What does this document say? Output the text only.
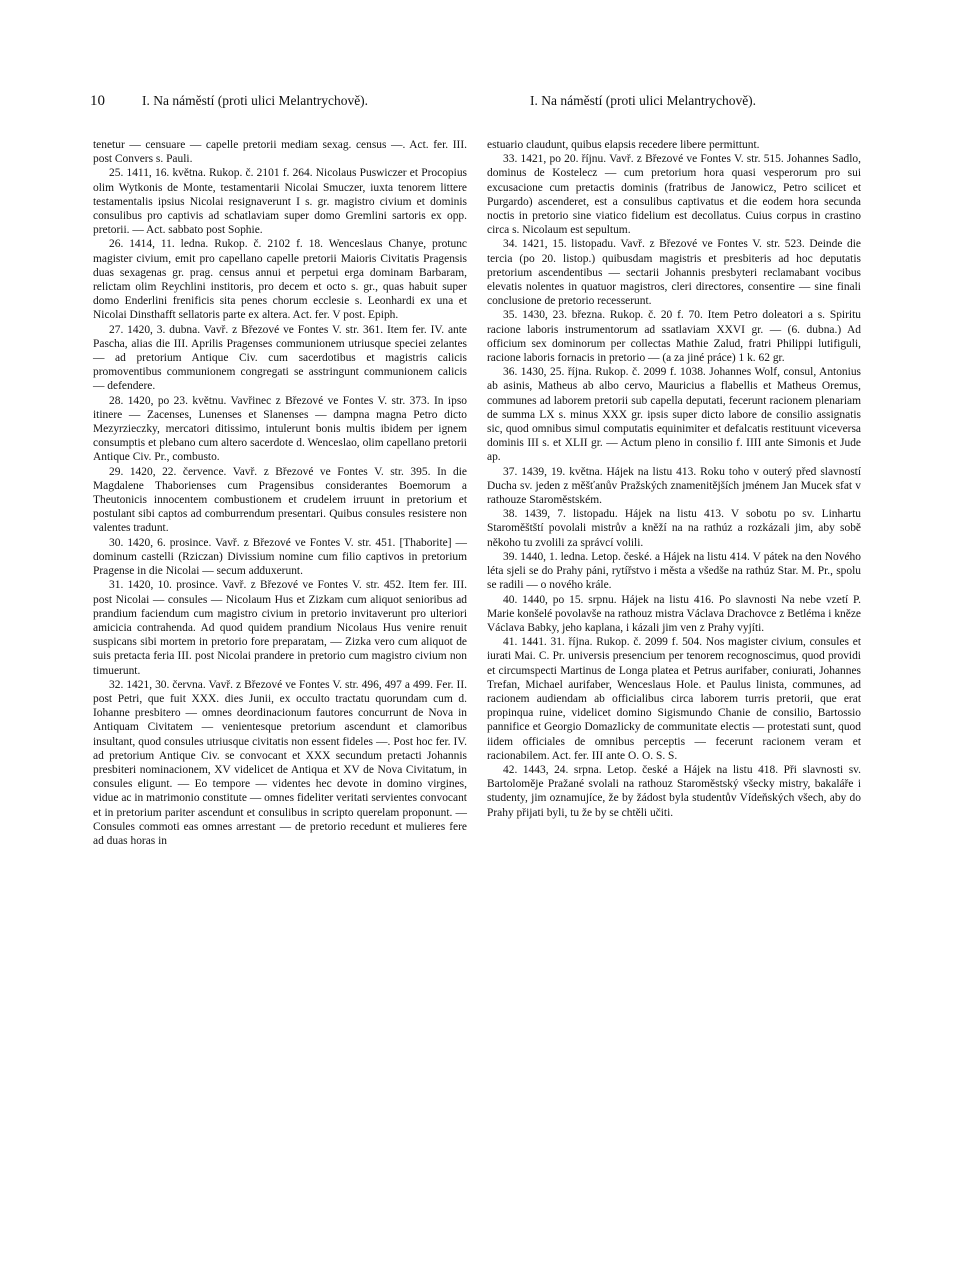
10	I. Na náměstí (proti ulici Melantrychově).	I. Na náměstí (proti ulici Melantrychově).

tenetur — censuare — capelle pretorii mediam sexag. census —. Act. fer. III. post Convers s. Pauli.

25. 1411, 16. května. Rukop. č. 2101 f. 264. Nicolaus Puswiczer et Procopius olim Wytkonis de Monte, testamentarii Nicolai Smuczer, iuxta tenorem littere testamentalis ipsius Nicolai resignaverunt I s. gr. magistro civium et dominis consulibus pro captivis ad schatlaviam super domo Gremlini sartoris ex opp. pretorii. — Act. sabbato post Sophie.

26. 1414, 11. ledna. Rukop. č. 2102 f. 18. Wenceslaus Chanye, protunc magister civium, emit pro capellano capelle pretorii Maioris Civitatis Pragensis duas sexagenas gr. prag. census annui et perpetui erga dominam Barbaram, relictam olim Reychlini institoris, pro decem et octo s. gr., quas habuit super domo Enderlini frenificis sita penes chorum ecclesie s. Leonhardi ex una et Nicolai Dinsthafft sellatoris parte ex altera. Act. fer. V post. Epiph.

27. 1420, 3. dubna. Vavř. z Březové ve Fontes V. str. 361. Item fer. IV. ante Pascha, alias die III. Aprilis Pragenses communionem utriusque speciei zelantes — ad pretorium Antique Civ. cum sacerdotibus et magistris calicis promoventibus communionem congregati se asstringunt communionem calicis — defendere.

28. 1420, po 23. květnu. Vavřinec z Březové ve Fontes V. str. 373. In ipso itinere — Zacenses, Lunenses et Slanenses — dampna magna Petro dicto Mezyrzieczky, mercatori ditissimo, intulerunt bonis multis ibidem per ignem consumptis et plebano cum altero sacerdote d. Wenceslao, olim capellano pretorii Antique Civ. Pr., combusto.

29. 1420, 22. července. Vavř. z Březové ve Fontes V. str. 395. In die Magdalene Thaborienses cum Pragensibus considerantes Boemorum a Theutonicis innocentem combustionem et crudelem irruunt in pretorium et postulant sibi captos ad comburrendum presentari. Quibus consules resistere non valentes tradunt.

30. 1420, 6. prosince. Vavř. z Březové ve Fontes V. str. 451. [Thaborite] — dominum castelli (Rziczan) Divissium nomine cum filio captivos in pretorium Pragense in die Nicolai — secum adduxerunt.

31. 1420, 10. prosince. Vavř. z Březové ve Fontes V. str. 452. Item fer. III. post Nicolai — consules — Nicolaum Hus et Zizkam cum aliquot senioribus ad prandium faciendum cum magistro civium in pretorio invitaverunt pro ulteriori amicicia contrahenda. Ad quod quidem prandium Nicolaus Hus venire renuit suspicans sibi mortem in pretorio fore preparatam, — Zizka vero cum aliquot de suis pretacta feria III. post Nicolai prandere in pretorio cum magistro civium non timuerunt.

32. 1421, 30. června. Vavř. z Březové ve Fontes V. str. 496, 497 a 499. Fer. II. post Petri, que fuit XXX. dies Junii, ex occulto tractatu quorundam cum d. Iohanne presbitero — omnes deordinacionum fautores concurrunt de Nova in Antiquam Civitatem — venientesque pretorium ascendunt et clamoribus insultant, quod consules utriusque civitatis non essent fideles —. Post hoc fer. IV. ad pretorium Antique Civ. se convocant et XXX secundum pretacti Johannis presbiteri nominacionem, XV videlicet de Antiqua et XV de Nova Civitatum, in consules eligunt. — Eo tempore — videntes hec devote in domino virgines, vidue ac in matrimonio constitute — omnes fideliter veritati servientes convocant et in pretorium pariter ascendunt et consulibus in scripto querelam proponunt. — Consules commoti eas omnes arrestant — de pretorio recedunt et mulieres fere ad duas horas in

estuario claudunt, quibus elapsis recedere libere permittunt.

33. 1421, po 20. říjnu. Vavř. z Březové ve Fontes V. str. 515. Johannes Sadlo, dominus de Kostelecz — cum pretorium hora quasi vesperorum pro sui excusacione cum pretactis dominis (fratribus de Janowicz, Petro scilicet et Purgardo) ascenderet, est a consulibus captivatus et die eodem hora secunda noctis in pretorio sine viatico fidelium est decollatus. Cuius corpus in crastino circa s. Nicolaum est sepultum.

34. 1421, 15. listopadu. Vavř. z Březové ve Fontes V. str. 523. Deinde die tercia (po 20. listop.) quibusdam magistris et presbiteris ad hoc deputatis pretorium ascendentibus — sectarii Johannis presbyteri reclamabant vocibus elevatis nolentes in quatuor magistros, cleri directores, consentire — sine finali conclusione de pretorio recesserunt.

35. 1430, 23. března. Rukop. č. 20 f. 70. Item Petro doleatori a s. Spiritu racione laboris instrumentorum ad ssatlaviam XXVI gr. — (6. dubna.) Ad officium sex dominorum per collectas Mathie Zalud, fratri Philippi lutifiguli, racione laboris fornacis in pretorio — (a za jiné práce) 1 k. 62 gr.

36. 1430, 25. října. Rukop. č. 2099 f. 1038. Johannes Wolf, consul, Antonius ab asinis, Matheus ab albo cervo, Mauricius a flabellis et Matheus Oremus, communes ad laborem pretorii sub capella deputati, fecerunt racionem plenariam de summa LX s. minus XXX gr. ipsis super dicto labore de consilio assignatis sic, quod omnibus simul computatis equinimiter et defalcatis restituunt viceversa dominis III s. et XLII gr. — Actum pleno in consilio f. IIII ante Simonis et Jude ap.

37. 1439, 19. května. Hájek na listu 413. Roku toho v outerý před slavností Ducha sv. jeden z měšťanův Pražských znamenitějších jménem Jan Mucek sfat v rathouze Staroměstském.

38. 1439, 7. listopadu. Hájek na listu 413. V sobotu po sv. Linhartu Staroměštští povolali mistrův a kněží na na rathúz a rozkázali jim, aby sobě někoho tu zvolili za správcí volili.

39. 1440, 1. ledna. Letop. české. a Hájek na listu 414. V pátek na den Nového léta sjeli se do Prahy páni, rytířstvo i města a všedše na rathúz Star. M. Pr., spolu se radili — o nového krále.

40. 1440, po 15. srpnu. Hájek na listu 416. Po slavnosti Na nebe vzetí P. Marie konšelé povolavše na rathouz mistra Václava Drachovce z Betléma i kněze Václava Babky, jeho kaplana, i kázali jim ven z Prahy vyjíti.

41. 1441. 31. října. Rukop. č. 2099 f. 504. Nos magister civium, consules et iurati Mai. C. Pr. universis presencium per tenorem recognoscimus, quod providi et circumspecti Martinus de Longa platea et Petrus aurifaber, coniurati, Johannes Trefan, Michael aurifaber, Wenceslaus Hole. et Paulus linista, communes, ad racionem audiendam ab officialibus circa laborem turris pretorii, que erat propinqua ruine, videlicet domino Sigismundo Chanie de consilio, Bartossio pannifice et Georgio Domazlicky de communitate electis — protestati sunt, quod iidem officiales de omnibus perceptis — fecerunt racionem veram et racionabilem. Act. fer. III ante O. O. S. S.

42. 1443, 24. srpna. Letop. české a Hájek na listu 418. Při slavnosti sv. Bartoloměje Pražané svolali na rathouz Staroměstský všecky mistry, bakaláře i studenty, jim oznamujíce, že by žádost byla studentův Vídeňských všech, aby do Prahy přijati byli, tu že by se chtěli učiti.
